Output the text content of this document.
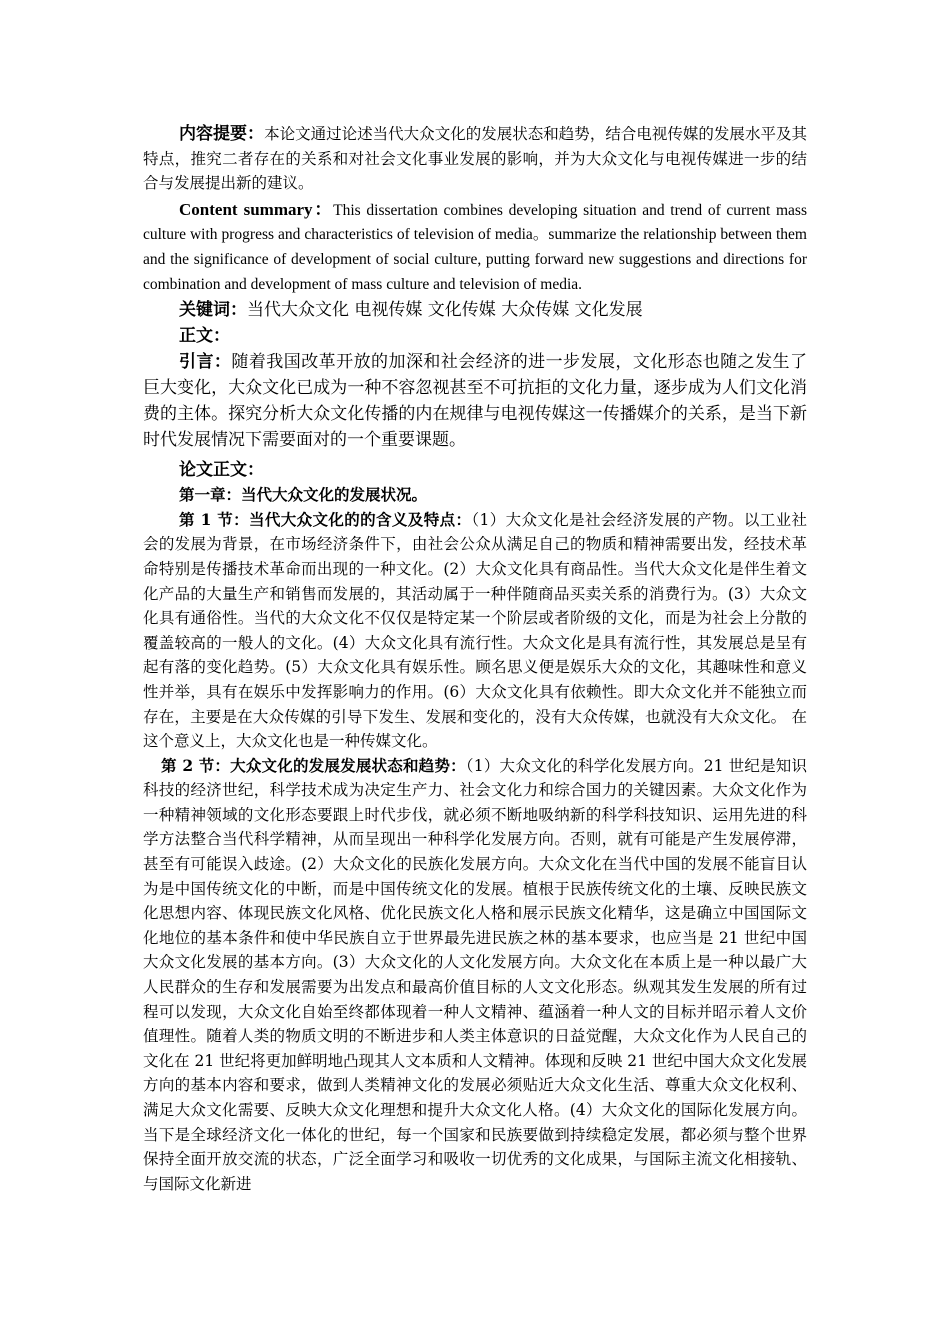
内容提要：本论文通过论述当代大众文化的发展状态和趋势，结合电视传媒的发展水平及其特点，推究二者存在的关系和对社会文化事业发展的影响，并为大众文化与电视传媒进一步的结合与发展提出新的建议。

Content summary：This dissertation combines developing situation and trend of current mass culture with progress and characteristics of television of media。summarize the relationship between them and the significance of development of social culture, putting forward new suggestions and directions for combination and development of mass culture and television of media.

关键词：当代大众文化 电视传媒 文化传媒 大众传媒 文化发展

正文：

引言：随着我国改革开放的加深和社会经济的进一步发展，文化形态也随之发生了巨大变化，大众文化已成为一种不容忽视甚至不可抗拒的文化力量，逐步成为人们文化消费的主体。探究分析大众文化传播的内在规律与电视传媒这一传播媒介的关系，是当下新时代发展情况下需要面对的一个重要课题。

论文正文：

第一章：当代大众文化的发展状况。

第 1 节：当代大众文化的的含义及特点：（1）大众文化是社会经济发展的产物。以工业社会的发展为背景，在市场经济条件下，由社会公众从满足自己的物质和精神需要出发，经技术革命特别是传播技术革命而出现的一种文化。(2）大众文化具有商品性。当代大众文化是伴生着文化产品的大量生产和销售而发展的，其活动属于一种伴随商品买卖关系的消费行为。(3）大众文化具有通俗性。当代的大众文化不仅仅是特定某一个阶层或者阶级的文化，而是为社会上分散的覆盖较高的一般人的文化。(4）大众文化具有流行性。大众文化是具有流行性，其发展总是呈有起有落的变化趋势。(5）大众文化具有娱乐性。顾名思义便是娱乐大众的文化，其趣味性和意义性并举，具有在娱乐中发挥影响力的作用。(6）大众文化具有依赖性。即大众文化并不能独立而存在，主要是在大众传媒的引导下发生、发展和变化的，没有大众传媒，也就没有大众文化。 在这个意义上，大众文化也是一种传媒文化。

第 2 节：大众文化的发展发展状态和趋势：（1）大众文化的科学化发展方向。21 世纪是知识科技的经济世纪，科学技术成为决定生产力、社会文化力和综合国力的关键因素。大众文化作为一种精神领域的文化形态要跟上时代步伐，就必须不断地吸纳新的科学科技知识、运用先进的科学方法整合当代科学精神，从而呈现出一种科学化发展方向。否则，就有可能是产生发展停滞，甚至有可能误入歧途。(2）大众文化的民族化发展方向。大众文化在当代中国的发展不能盲目认为是中国传统文化的中断，而是中国传统文化的发展。植根于民族传统文化的土壤、反映民族文化思想内容、体现民族文化风格、优化民族文化人格和展示民族文化精华，这是确立中国国际文化地位的基本条件和使中华民族自立于世界最先进民族之林的基本要求，也应当是 21 世纪中国大众文化发展的基本方向。(3）大众文化的人文化发展方向。大众文化在本质上是一种以最广大人民群众的生存和发展需要为出发点和最高价值目标的人文文化形态。纵观其发生发展的所有过程可以发现，大众文化自始至终都体现着一种人文精神、蕴涵着一种人文的目标并昭示着人文价值理性。随着人类的物质文明的不断进步和人类主体意识的日益觉醒，大众文化作为人民自己的文化在 21 世纪将更加鲜明地凸现其人文本质和人文精神。体现和反映 21 世纪中国大众文化发展方向的基本内容和要求，做到人类精神文化的发展必须贴近大众文化生活、尊重大众文化权利、满足大众文化需要、反映大众文化理想和提升大众文化人格。(4）大众文化的国际化发展方向。当下是全球经济文化一体化的世纪，每一个国家和民族要做到持续稳定发展，都必须与整个世界保持全面开放交流的状态，广泛全面学习和吸收一切优秀的文化成果，与国际主流文化相接轨、与国际文化新进
